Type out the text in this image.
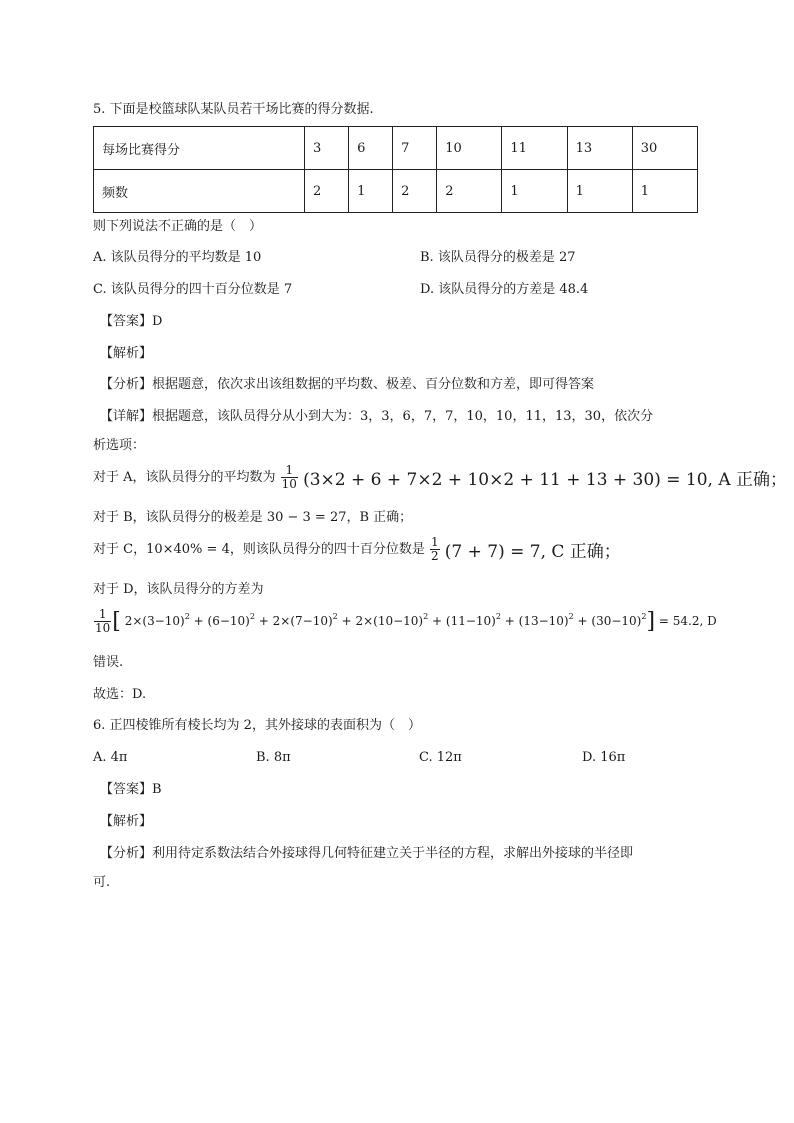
5. 下面是校篮球队某队员若干场比赛的得分数据.
每场比赛得分	3	6	7	10	11	13	30
频数	2	1	2	2	1	1	1
则下列说法不正确的是（　）
A. 该队员得分的平均数是 10	B. 该队员得分的极差是 27
C. 该队员得分的四十百分位数是 7	D. 该队员得分的方差是 48.4
【答案】D
【解析】
【分析】根据题意，依次求出该组数据的平均数、极差、百分位数和方差，即可得答案
【详解】根据题意，该队员得分从小到大为：3，3，6，7，7，10，10，11，13，30，依次分
析选项：
对于 A，该队员得分的平均数为 $\frac{1}{10} (3\times 2 + 6 + 7\times 2 + 10\times 2 + 11 + 13 + 30) = 10$, A 正确；
对于 B，该队员得分的极差是 30 − 3 = 27，B 正确；
对于 C，10×40% = 4，则该队员得分的四十百分位数是 $\frac{1}{2} (7 + 7) = 7$, C 正确；
对于 D，该队员得分的方差为
$\frac{1}{10}$ [ $2\times(3-10)^2 + (6-10)^2 + 2\times(7-10)^2 + 2\times(10-10)^2 + (11-10)^2 + (13-10)^2 + (30-10)^2] = 54.2$, D
错误.
故选：D.
6. 正四棱锥所有棱长均为 2，其外接球的表面积为（　）
A. 4π	B. 8π	C. 12π	D. 16π
【答案】B
【解析】
【分析】利用待定系数法结合外接球得几何特征建立关于半径的方程，求解出外接球的半径即
可.
